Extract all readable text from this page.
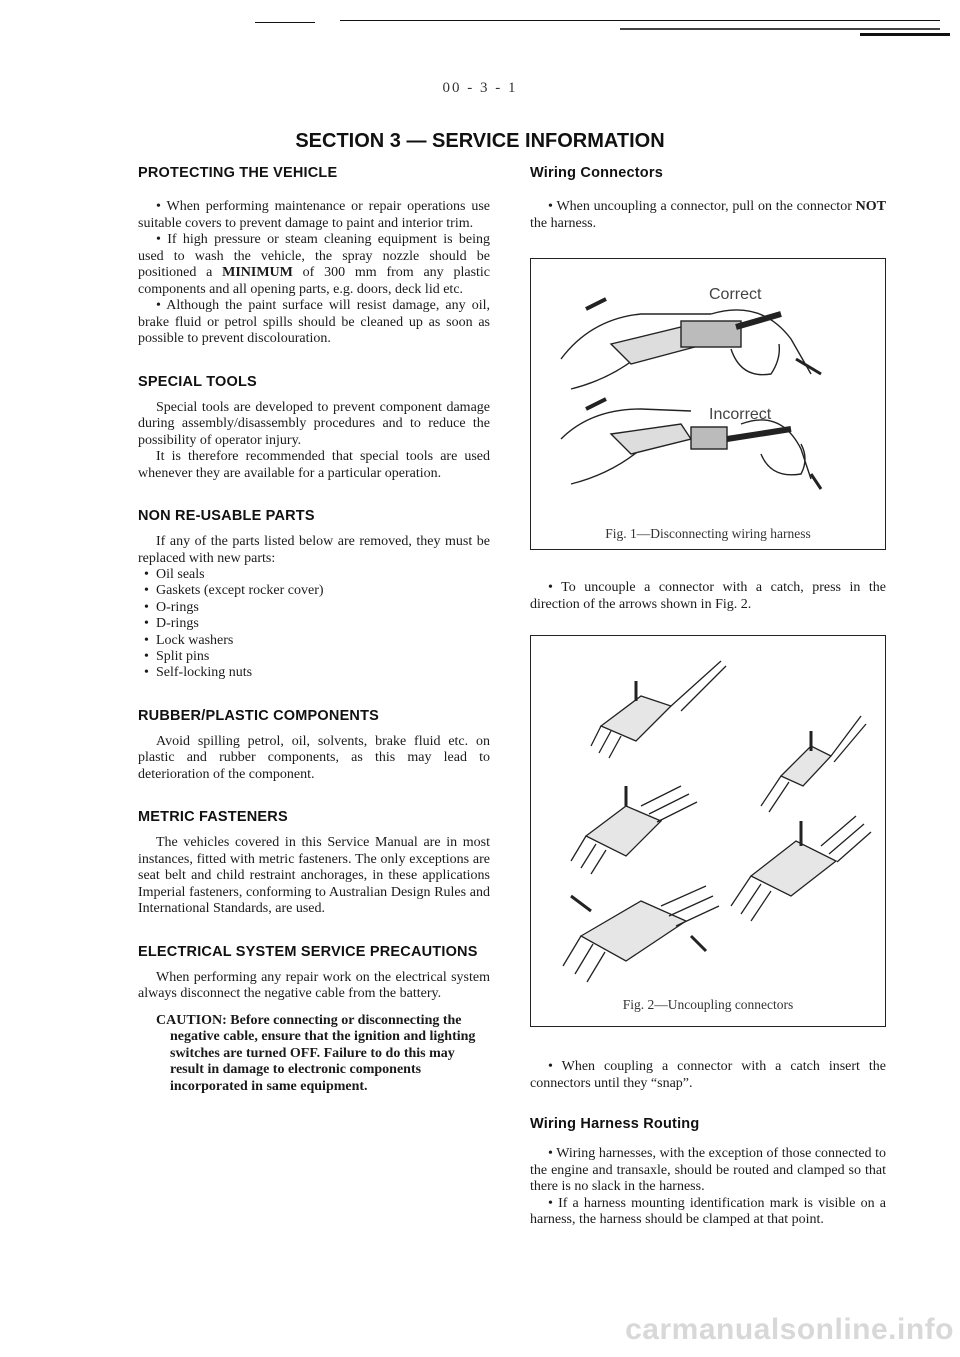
00 - 3 - 1
SECTION 3 — SERVICE INFORMATION
PROTECTING THE VEHICLE

• When performing maintenance or repair operations use suitable covers to prevent damage to paint and interior trim.

• If high pressure or steam cleaning equipment is being used to wash the vehicle, the spray nozzle should be positioned a MINIMUM of 300 mm from any plastic components and all opening parts, e.g. doors, deck lid etc.

• Although the paint surface will resist damage, any oil, brake fluid or petrol spills should be cleaned up as soon as possible to prevent discolouration.

SPECIAL TOOLS

Special tools are developed to prevent component damage during assembly/disassembly procedures and to reduce the possibility of operator injury.

It is therefore recommended that special tools are used whenever they are available for a particular operation.

NON RE-USABLE PARTS

If any of the parts listed below are removed, they must be replaced with new parts:

• Oil seals
• Gaskets (except rocker cover)
• O-rings
• D-rings
• Lock washers
• Split pins
• Self-locking nuts
RUBBER/PLASTIC COMPONENTS

Avoid spilling petrol, oil, solvents, brake fluid etc. on plastic and rubber components, as this may lead to deterioration of the component.

METRIC FASTENERS

The vehicles covered in this Service Manual are in most instances, fitted with metric fasteners. The only exceptions are seat belt and child restraint anchorages, in these applications Imperial fasteners, conforming to Australian Design Rules and International Standards, are used.

ELECTRICAL SYSTEM SERVICE PRECAUTIONS

When performing any repair work on the electrical system always disconnect the negative cable from the battery.

CAUTION: Before connecting or disconnecting the negative cable, ensure that the ignition and lighting switches are turned OFF. Failure to do this may result in damage to electronic components incorporated in same equipment.

Wiring Connectors

• When uncoupling a connector, pull on the connector NOT the harness.

Correct
Incorrect
Fig. 1—Disconnecting wiring harness

• To uncouple a connector with a catch, press in the direction of the arrows shown in Fig. 2.

Fig. 2—Uncoupling connectors

• When coupling a connector with a catch insert the connectors until they “snap”.

Wiring Harness Routing

• Wiring harnesses, with the exception of those connected to the engine and transaxle, should be routed and clamped so that there is no slack in the harness.

• If a harness mounting identification mark is visible on a harness, the harness should be clamped at that point.

carmanualsonline.info
